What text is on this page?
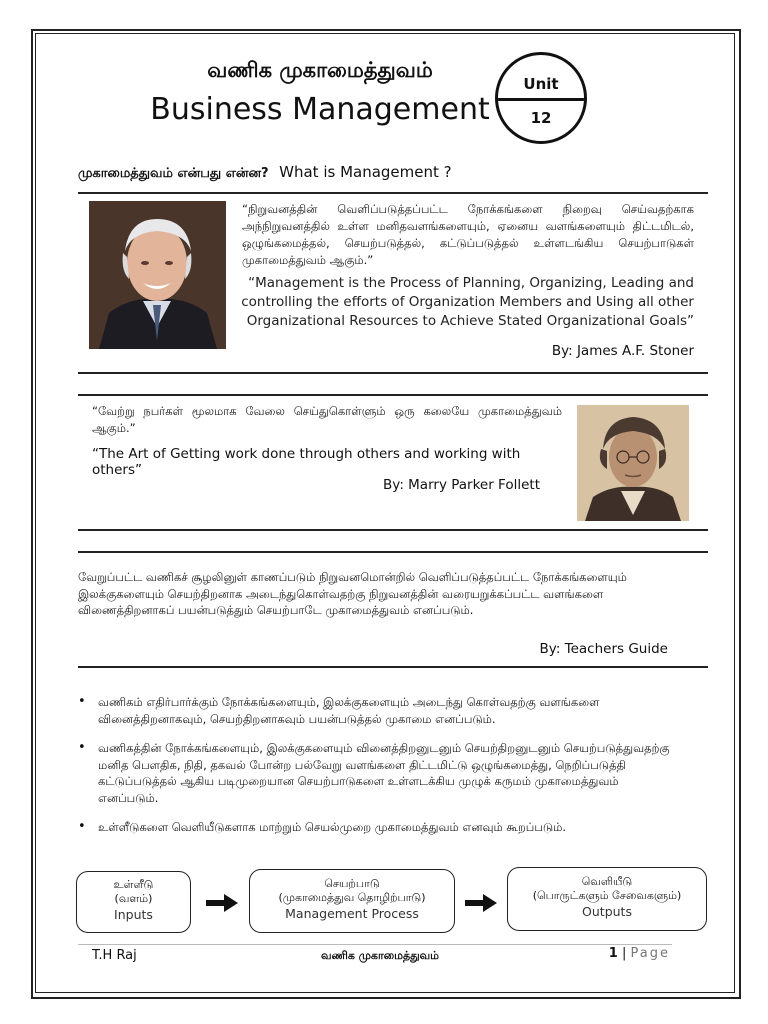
வணிக முகாமைத்துவம்
Business Management
Unit
12
முகாமைத்துவம் என்பது என்ன? What is Management ?
“நிறுவனத்தின் வெளிப்படுத்தப்பட்ட நோக்கங்களை நிறைவு செய்வதற்காக அந்நிறுவனத்தில் உள்ள மனிதவளங்களையும், ஏனைய வளங்களையும் திட்டமிடல், ஒழுங்கமைத்தல், செயற்படுத்தல், கட்டுப்படுத்தல் உள்ளடங்கிய செயற்பாடுகள் முகாமைத்துவம் ஆகும்.”
“Management is the Process of Planning, Organizing, Leading and controlling the efforts of Organization Members and Using all other Organizational Resources to Achieve Stated Organizational Goals”
By: James A.F. Stoner
“வேற்று நபர்கள் மூலமாக வேலை செய்துகொள்ளும் ஒரு கலையே முகாமைத்துவம் ஆகும்.”
“The Art of Getting work done through others and working with others”
By: Marry Parker Follett
வேறுப்பட்ட வணிகச் சூழலினுள் காணப்படும் நிறுவனமொன்றில் வெளிப்படுத்தப்பட்ட நோக்கங்களையும் இலக்குகளையும் செயற்திறனாக அடைந்துகொள்வதற்கு நிறுவனத்தின் வரையறுக்கப்பட்ட வளங்களை விணைத்திறனாகப் பயன்படுத்தும் செயற்பாடே முகாமைத்துவம் எனப்படும்.
By: Teachers Guide
• வணிகம் எதிர்பார்க்கும் நோக்கங்களையும், இலக்குகளையும் அடைந்து கொள்வதற்கு வளங்களை வினைத்திறனாகவும், செயற்திறனாகவும் பயன்படுத்தல் முகாமை எனப்படும்.
• வணிகத்தின் நோக்கங்களையும், இலக்குகளையும் வினைத்திறனுடனும் செயற்திறனுடனும் செயற்படுத்துவதற்கு மனித பௌதிக, நிதி, தகவல் போன்ற பல்வேறு வளங்களை திட்டமிட்டு ஒழுங்கமைத்து, நெறிப்படுத்தி கட்டுப்படுத்தல் ஆகிய படிமுறையான செயற்பாடுகளை உள்ளடக்கிய முழுக் கருமம் முகாமைத்துவம் எனப்படும்.
• உள்ளீடுகளை வெளியீடுகளாக மாற்றும் செயல்முறை முகாமைத்துவம் எனவும் கூறப்படும்.
உள்ளீடு
(வளம்)
Inputs
செயற்பாடு
(முகாமைத்துவ தொழிற்பாடு)
Management Process
வெளியீடு
(பொருட்களும் சேவைகளும்)
Outputs
T.H Raj	வணிக முகாமைத்துவம்	1 | Page
